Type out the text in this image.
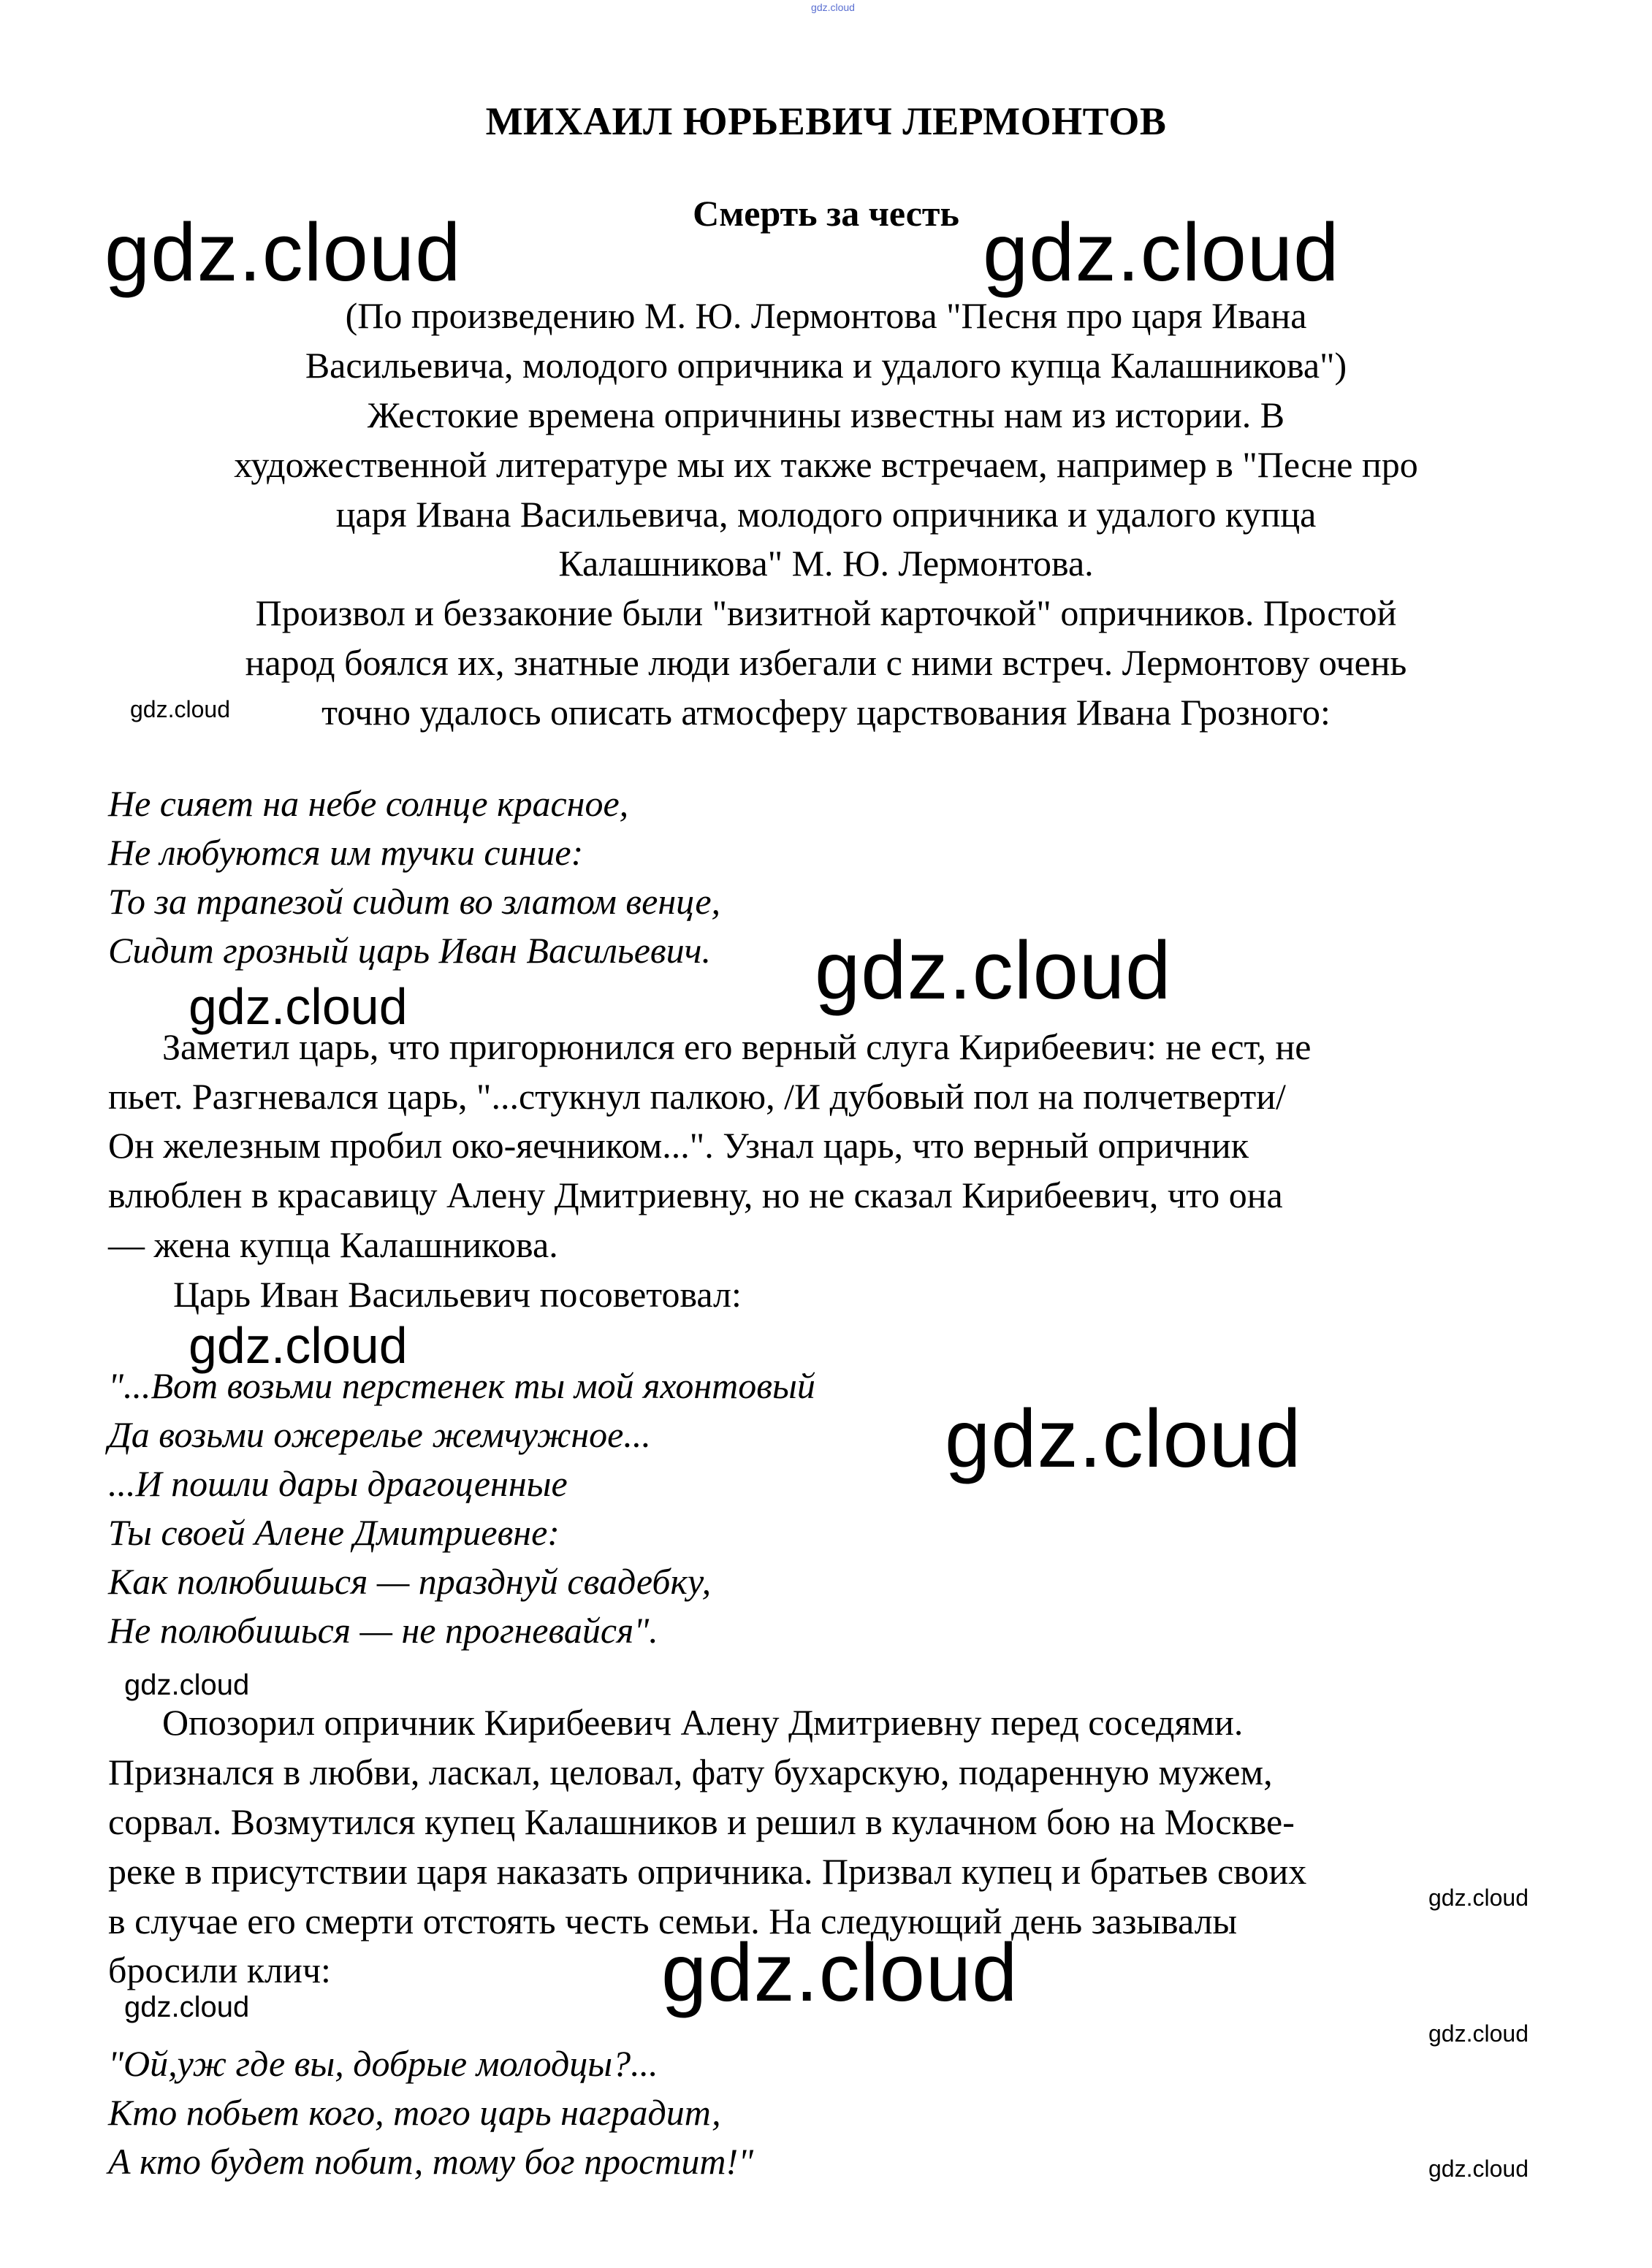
gdz.cloud
МИХАИЛ ЮРЬЕВИЧ ЛЕРМОНТОВ
Смерть за честь
(По произведению М. Ю. Лермонтова "Песня про царя Ивана
Васильевича, молодого опричника и удалого купца Калашникова")
Жестокие времена опричнины известны нам из истории. В
художественной литературе мы их также встречаем, например в "Песне про
царя Ивана Васильевича, молодого опричника и удалого купца
Калашникова" М. Ю. Лермонтова.
Произвол и беззаконие были "визитной карточкой" опричников. Простой
народ боялся их, знатные люди избегали с ними встреч. Лермонтову очень
точно удалось описать атмосферу царствования Ивана Грозного:
Не сияет на небе солнце красное,
Не любуются им тучки синие:
То за трапезой сидит во златом венце,
Сидит грозный царь Иван Васильевич.
Заметил царь, что пригорюнился его верный слуга Кирибеевич: не ест, не
пьет. Разгневался царь, "...стукнул палкою, /И дубовый пол на полчетверти/
Он железным пробил око-яечником...". Узнал царь, что верный опричник
влюблен в красавицу Алену Дмитриевну, но не сказал Кирибеевич, что она
— жена купца Калашникова.
Царь Иван Васильевич посоветовал:
"...Вот возьми перстенек ты мой яхонтовый
Да возьми ожерелье жемчужное...
...И пошли дары драгоценные
Ты своей Алене Дмитриевне:
Как полюбишься — празднуй свадебку,
Не полюбишься — не прогневайся".
Опозорил опричник Кирибеевич Алену Дмитриевну перед соседями.
Признался в любви, ласкал, целовал, фату бухарскую, подаренную мужем,
сорвал. Возмутился купец Калашников и решил в кулачном бою на Москве-
реке в присутствии царя наказать опричника. Призвал купец и братьев своих
в случае его смерти отстоять честь семьи. На следующий день зазывалы
бросили клич:
"Ой,уж где вы, добрые молодцы?...
Кто побьет кого, того царь наградит,
А кто будет побит, тому бог простит!"
gdz.cloud	gdz.cloud
gdz.cloud
gdz.cloud
gdz.cloud
gdz.cloud
gdz.cloud
gdz.cloud
gdz.cloud
gdz.cloud
gdz.cloud
gdz.cloud
gdz.cloud
